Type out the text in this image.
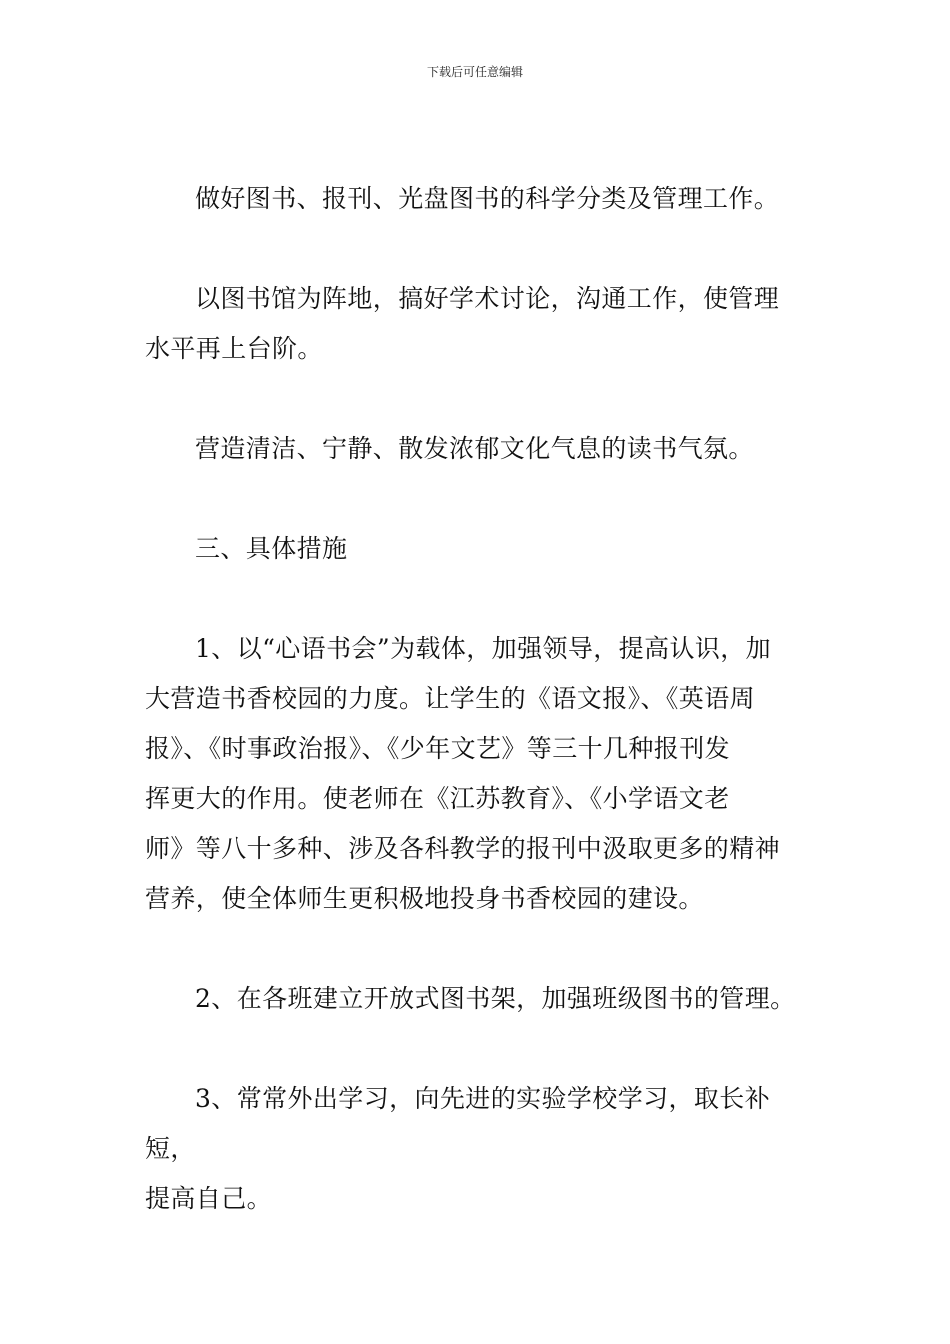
下载后可任意编辑

做好图书、报刊、光盘图书的科学分类及管理工作。

以图书馆为阵地，搞好学术讨论，沟通工作，使管理
水平再上台阶。

营造清洁、宁静、散发浓郁文化气息的读书气氛。

三、具体措施

1、以“心语书会”为载体，加强领导，提高认识，加
大营造书香校园的力度。让学生的《语文报》、《英语周
报》、《时事政治报》、《少年文艺》等三十几种报刊发
挥更大的作用。使老师在《江苏教育》、《小学语文老
师》等八十多种、涉及各科教学的报刊中汲取更多的精神
营养，使全体师生更积极地投身书香校园的建设。

2、在各班建立开放式图书架，加强班级图书的管理。

3、常常外出学习，向先进的实验学校学习，取长补短，
提高自己。
